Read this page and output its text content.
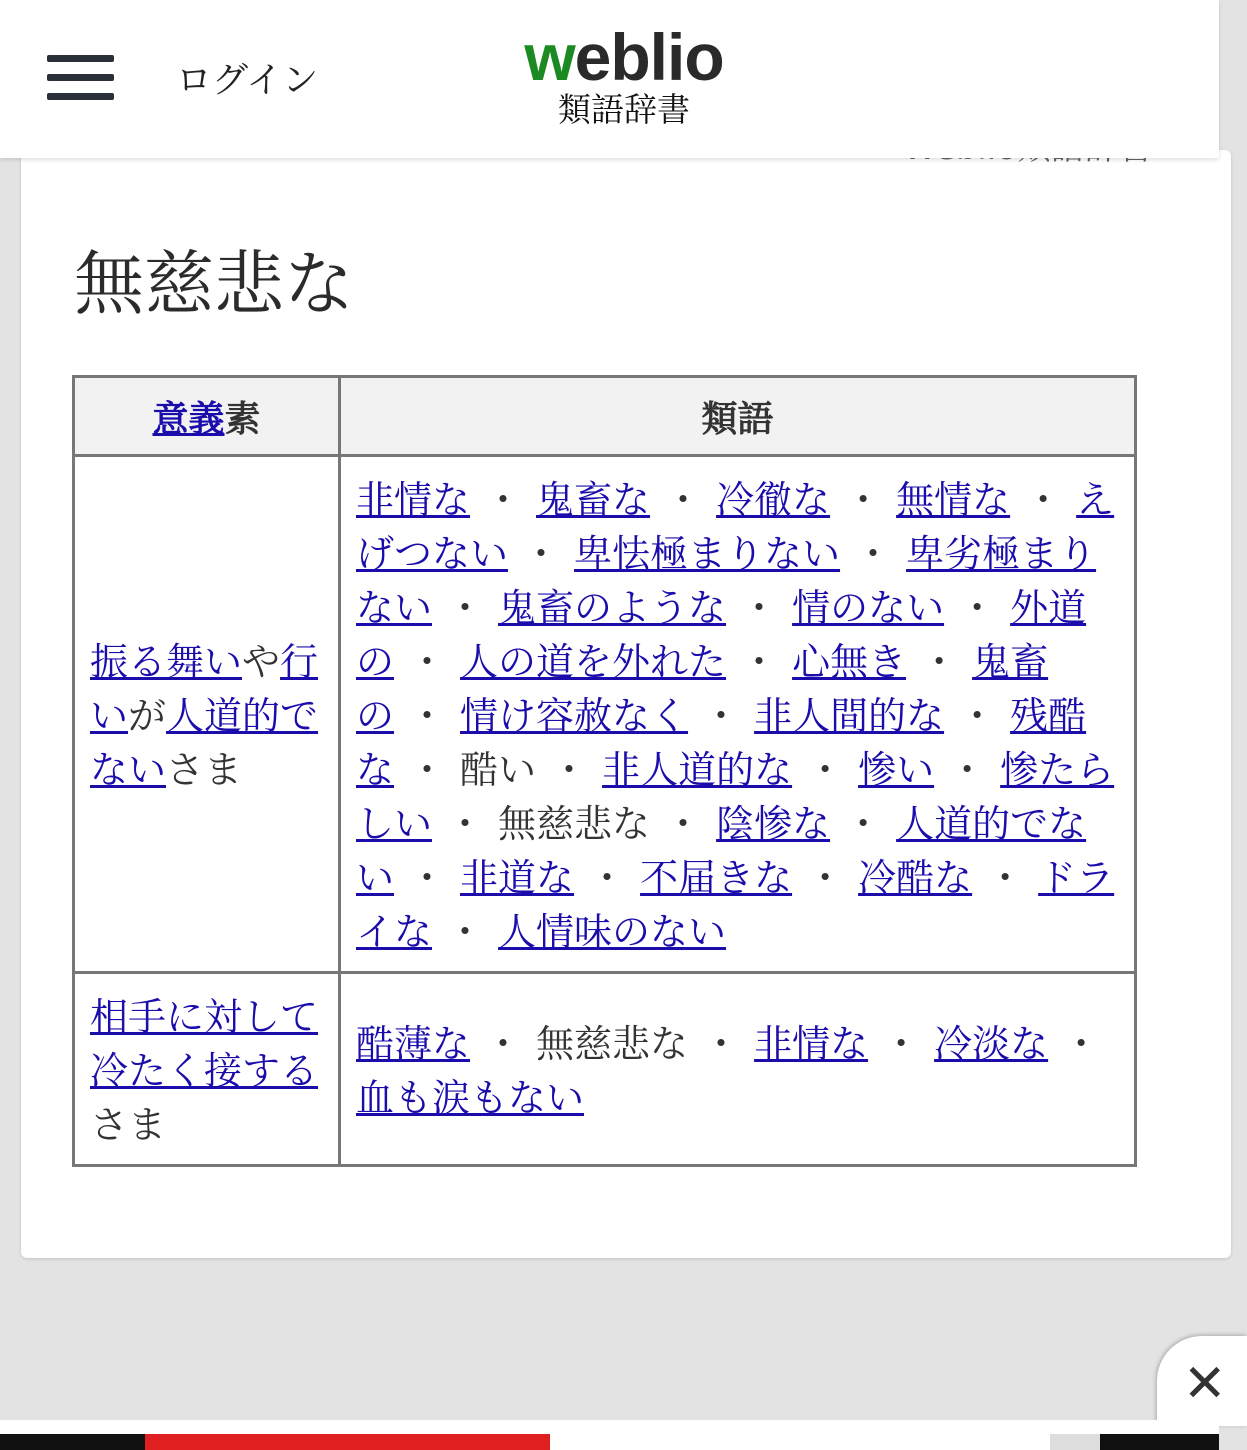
ログイン	weblio
類語辞書
無慈悲な
意義素	類語
振る舞いや行いが人道的でないさま	非情な ・ 鬼畜な ・ 冷徹な ・ 無情な ・ えげつない ・ 卑怯極まりない ・ 卑劣極まりない ・ 鬼畜のような ・ 情のない ・ 外道の ・ 人の道を外れた ・ 心無き ・ 鬼畜の ・ 情け容赦なく ・ 非人間的な ・ 残酷な ・ 酷い ・ 非人道的な ・ 惨い ・ 惨たらしい ・ 無慈悲な ・ 陰惨な ・ 人道的でない ・ 非道な ・ 不届きな ・ 冷酷な ・ ドライな ・ 人情味のない
相手に対して冷たく接するさま	酷薄な ・ 無慈悲な ・ 非情な ・ 冷淡な ・血も涙もない
✕
